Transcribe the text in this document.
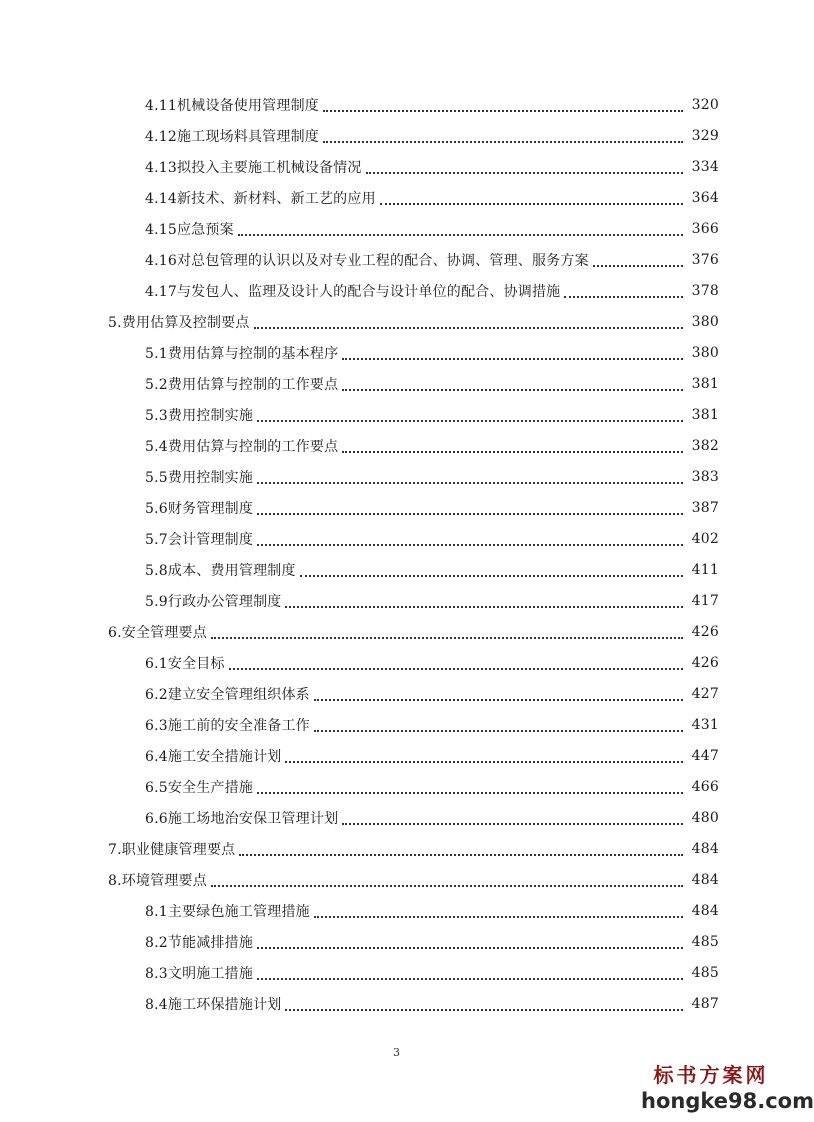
4.11机械设备使用管理制度	320
4.12施工现场料具管理制度	329
4.13拟投入主要施工机械设备情况	334
4.14新技术、新材料、新工艺的应用	364
4.15应急预案	366
4.16对总包管理的认识以及对专业工程的配合、协调、管理、服务方案	376
4.17与发包人、监理及设计人的配合与设计单位的配合、协调措施	378
5.费用估算及控制要点	380
5.1费用估算与控制的基本程序	380
5.2费用估算与控制的工作要点	381
5.3费用控制实施	381
5.4费用估算与控制的工作要点	382
5.5费用控制实施	383
5.6财务管理制度	387
5.7会计管理制度	402
5.8成本、费用管理制度	411
5.9行政办公管理制度	417
6.安全管理要点	426
6.1安全目标	426
6.2建立安全管理组织体系	427
6.3施工前的安全准备工作	431
6.4施工安全措施计划	447
6.5安全生产措施	466
6.6施工场地治安保卫管理计划	480
7.职业健康管理要点	484
8.环境管理要点	484
8.1主要绿色施工管理措施	484
8.2节能减排措施	485
8.3文明施工措施	485
8.4施工环保措施计划	487
3
标书方案网
hongke98.com
